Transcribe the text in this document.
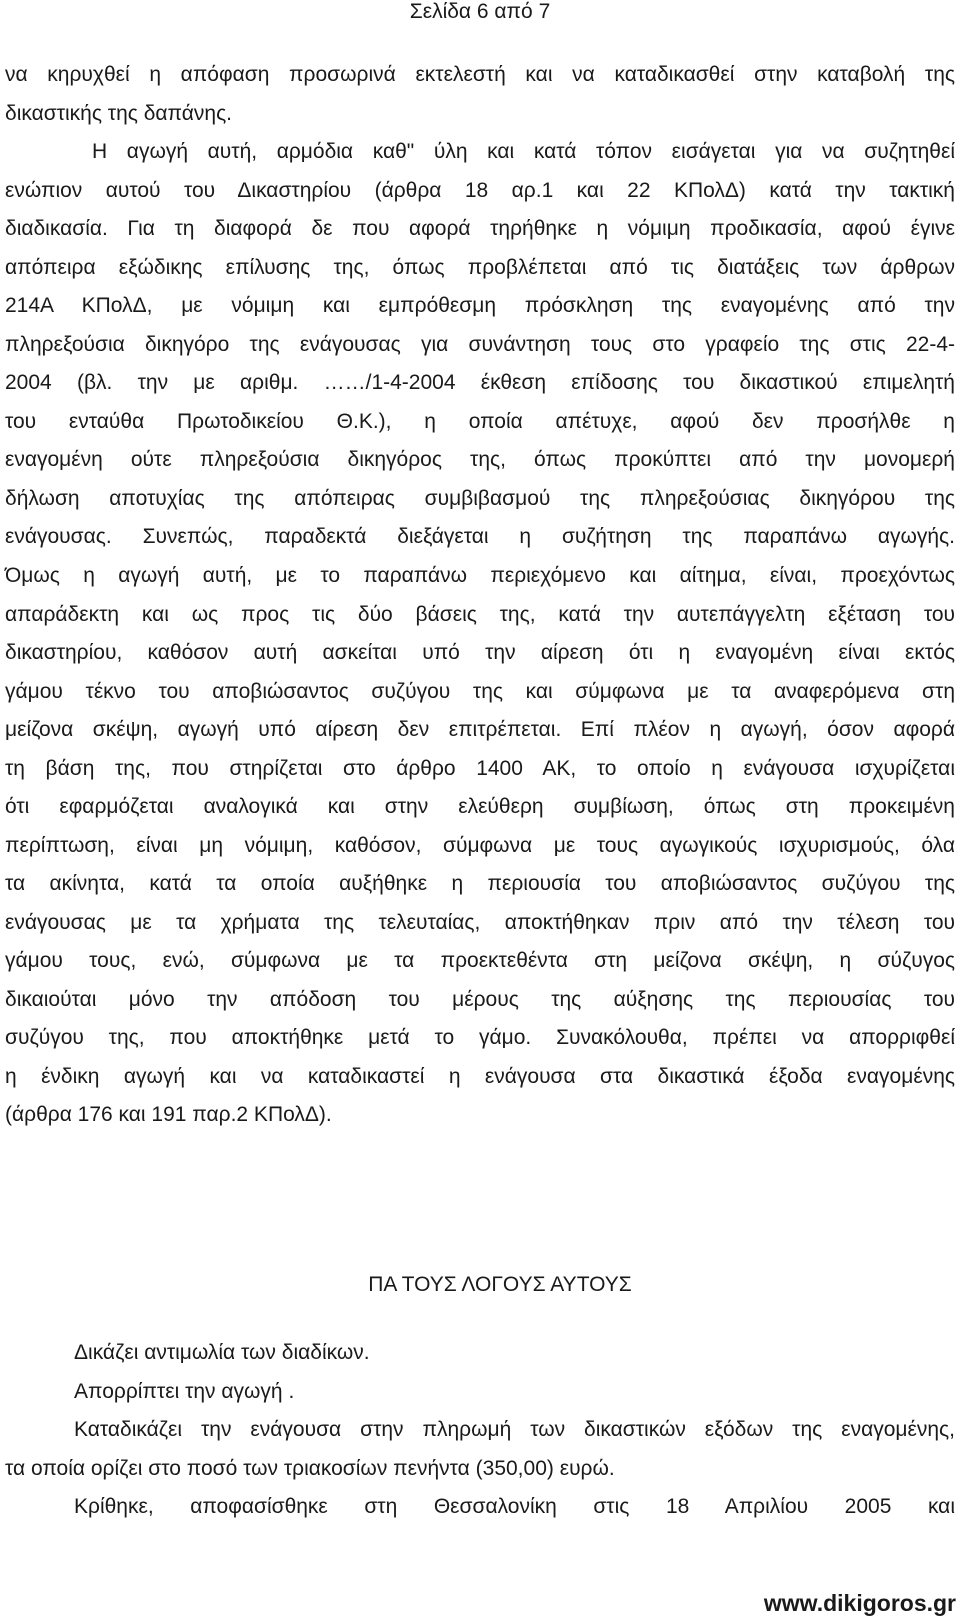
Σελίδα 6 από 7
να κηρυχθεί η απόφαση προσωρινά εκτελεστή και να καταδικασθεί στην καταβολή της
δικαστικής της δαπάνης.
Η αγωγή αυτή, αρμόδια καθ" ύλη και κατά τόπον εισάγεται για να συζητηθεί
ενώπιον αυτού του Δικαστηρίου (άρθρα 18 αρ.1 και 22 ΚΠολΔ) κατά την τακτική
διαδικασία. Για τη διαφορά δε που αφορά τηρήθηκε η νόμιμη προδικασία, αφού έγινε
απόπειρα εξώδικης επίλυσης της, όπως προβλέπεται από τις διατάξεις των άρθρων
214Α ΚΠολΔ, με νόμιμη και εμπρόθεσμη πρόσκληση της εναγομένης από την
πληρεξούσια δικηγόρο της ενάγουσας για συνάντηση τους στο γραφείο της στις 22-4-
2004 (βλ. την με αριθμ. ……/1-4-2004 έκθεση επίδοσης του δικαστικού επιμελητή
του ενταύθα Πρωτοδικείου Θ.Κ.), η οποία απέτυχε, αφού δεν προσήλθε η
εναγομένη ούτε πληρεξούσια δικηγόρος της, όπως προκύπτει από την μονομερή
δήλωση αποτυχίας της απόπειρας συμβιβασμού της πληρεξούσιας δικηγόρου της
ενάγουσας. Συνεπώς, παραδεκτά διεξάγεται η συζήτηση της παραπάνω αγωγής.
Όμως η αγωγή αυτή, με το παραπάνω περιεχόμενο και αίτημα, είναι, προεχόντως
απαράδεκτη και ως προς τις δύο βάσεις της, κατά την αυτεπάγγελτη εξέταση του
δικαστηρίου, καθόσον αυτή ασκείται υπό την αίρεση ότι η εναγομένη είναι εκτός
γάμου τέκνο του αποβιώσαντος συζύγου της και σύμφωνα με τα αναφερόμενα στη
μείζονα σκέψη, αγωγή υπό αίρεση δεν επιτρέπεται. Επί πλέον η αγωγή, όσον αφορά
τη βάση της, που στηρίζεται στο άρθρο 1400 ΑΚ, το οποίο η ενάγουσα ισχυρίζεται
ότι εφαρμόζεται αναλογικά και στην ελεύθερη συμβίωση, όπως στη προκειμένη
περίπτωση, είναι μη νόμιμη, καθόσον, σύμφωνα με τους αγωγικούς ισχυρισμούς, όλα
τα ακίνητα, κατά τα οποία αυξήθηκε η περιουσία του αποβιώσαντος συζύγου της
ενάγουσας με τα χρήματα της τελευταίας, αποκτήθηκαν πριν από την τέλεση του
γάμου τους, ενώ, σύμφωνα με τα προεκτεθέντα στη μείζονα σκέψη, η σύζυγος
δικαιούται μόνο την απόδοση του μέρους της αύξησης της περιουσίας του
συζύγου της, που αποκτήθηκε μετά το γάμο. Συνακόλουθα, πρέπει να απορριφθεί
η ένδικη αγωγή και να καταδικαστεί η ενάγουσα στα δικαστικά έξοδα εναγομένης
(άρθρα 176 και 191 παρ.2 ΚΠολΔ).
ΠΑ ΤΟΥΣ ΛΟΓΟΥΣ ΑΥΤΟΥΣ
Δικάζει αντιμωλία των διαδίκων.
Απορρίπτει την αγωγή .
Καταδικάζει την ενάγουσα στην πληρωμή των δικαστικών εξόδων της εναγομένης,
τα οποία ορίζει στο ποσό των τριακοσίων πενήντα (350,00) ευρώ.
Κρίθηκε, αποφασίσθηκε στη Θεσσαλονίκη στις 18 Απριλίου 2005 και
www.dikigoros.gr
